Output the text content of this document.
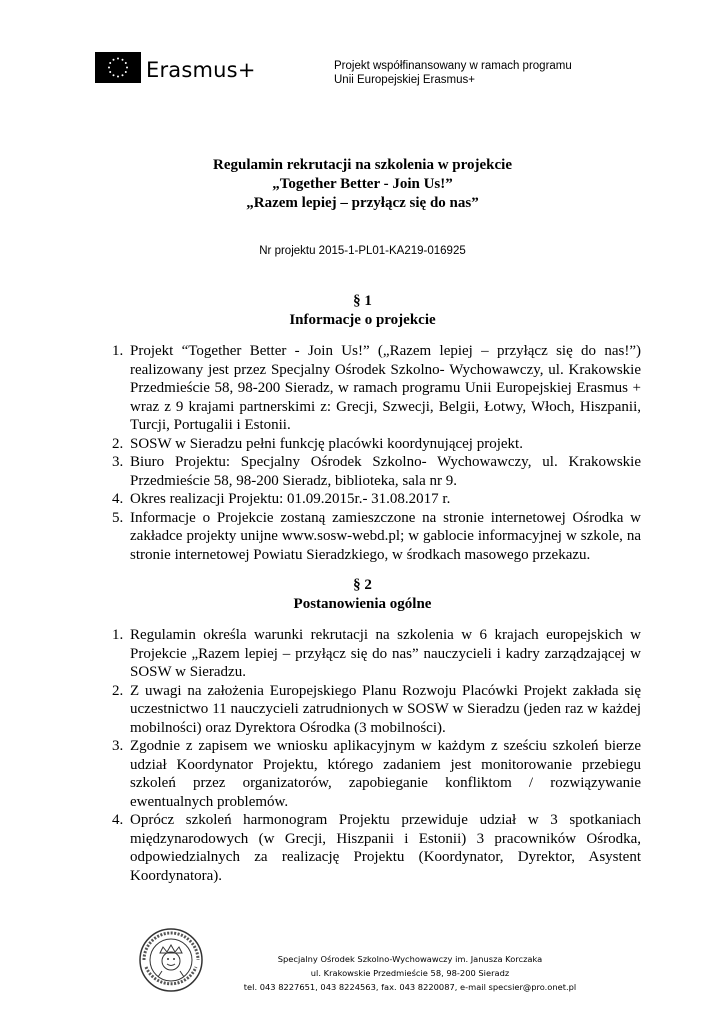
Erasmus+	Projekt współfinansowany w ramach programu
Unii Europejskiej Erasmus+
Regulamin rekrutacji na szkolenia w projekcie
„Together Better - Join Us!”
„Razem lepiej – przyłącz się do nas”
Nr projektu 2015-1-PL01-KA219-016925
§ 1
Informacje o projekcie
1. Projekt “Together Better - Join Us!” („Razem lepiej – przyłącz się do nas!”) realizowany jest przez Specjalny Ośrodek Szkolno- Wychowawczy, ul. Krakowskie Przedmieście 58, 98-200 Sieradz, w ramach programu Unii Europejskiej Erasmus + wraz z 9 krajami partnerskimi z: Grecji, Szwecji, Belgii, Łotwy, Włoch, Hiszpanii, Turcji, Portugalii i Estonii.
2. SOSW w Sieradzu pełni funkcję placówki koordynującej projekt.
3. Biuro Projektu: Specjalny Ośrodek Szkolno- Wychowawczy, ul. Krakowskie Przedmieście 58, 98-200 Sieradz, biblioteka, sala nr 9.
4. Okres realizacji Projektu: 01.09.2015r.- 31.08.2017 r.
5. Informacje o Projekcie zostaną zamieszczone na stronie internetowej Ośrodka w zakładce projekty unijne www.sosw-webd.pl; w gablocie informacyjnej w szkole, na stronie internetowej Powiatu Sieradzkiego, w środkach masowego przekazu.
§ 2
Postanowienia ogólne
1. Regulamin określa warunki rekrutacji na szkolenia w 6 krajach europejskich w Projekcie „Razem lepiej – przyłącz się do nas” nauczycieli i kadry zarządzającej w SOSW w Sieradzu.
2. Z uwagi na założenia Europejskiego Planu Rozwoju Placówki Projekt zakłada się uczestnictwo 11 nauczycieli zatrudnionych w SOSW w Sieradzu (jeden raz w każdej mobilności) oraz Dyrektora Ośrodka (3 mobilności).
3. Zgodnie z zapisem we wniosku aplikacyjnym w każdym z sześciu szkoleń bierze udział Koordynator Projektu, którego zadaniem jest monitorowanie przebiegu szkoleń przez organizatorów, zapobieganie konfliktom / rozwiązywanie ewentualnych problemów.
4. Oprócz szkoleń harmonogram Projektu przewiduje udział w 3 spotkaniach międzynarodowych (w Grecji, Hiszpanii i Estonii) 3 pracowników Ośrodka, odpowiedzialnych za realizację Projektu (Koordynator, Dyrektor, Asystent Koordynatora).
Specjalny Ośrodek Szkolno-Wychowawczy im. Janusza Korczaka
ul. Krakowskie Przedmieście 58, 98-200 Sieradz
tel. 043 8227651, 043 8224563, fax. 043 8220087, e-mail specsier@pro.onet.pl
